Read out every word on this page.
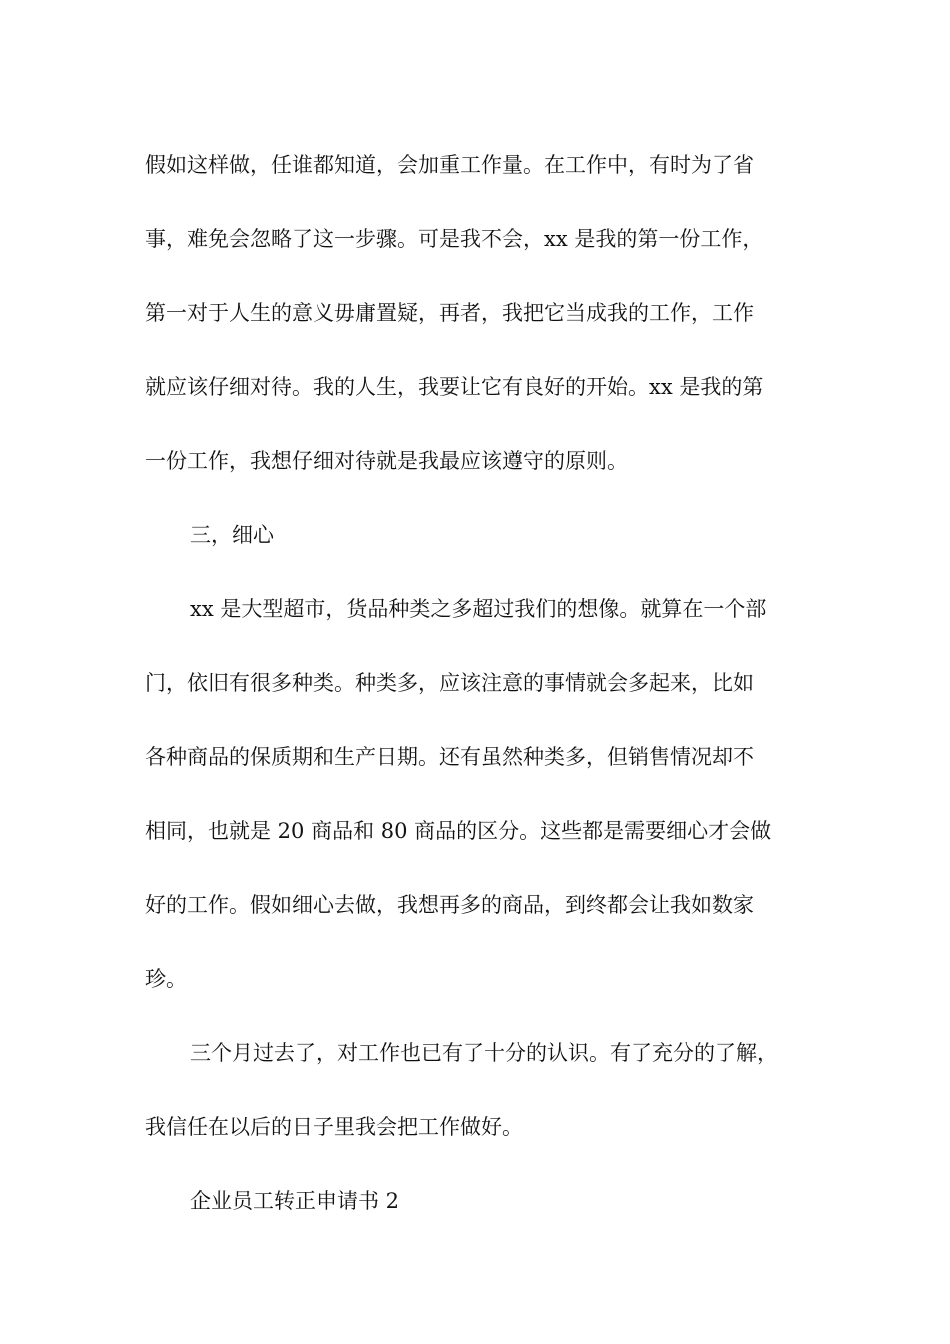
假如这样做，任谁都知道，会加重工作量。在工作中，有时为了省
事，难免会忽略了这一步骤。可是我不会，xx 是我的第一份工作，
第一对于人生的意义毋庸置疑，再者，我把它当成我的工作，工作
就应该仔细对待。我的人生，我要让它有良好的开始。xx 是我的第
一份工作，我想仔细对待就是我最应该遵守的原则。

三，细心

xx 是大型超市，货品种类之多超过我们的想像。就算在一个部
门，依旧有很多种类。种类多，应该注意的事情就会多起来，比如
各种商品的保质期和生产日期。还有虽然种类多，但销售情况却不
相同，也就是 20 商品和 80 商品的区分。这些都是需要细心才会做
好的工作。假如细心去做，我想再多的商品，到终都会让我如数家
珍。

三个月过去了，对工作也已有了十分的认识。有了充分的了解，
我信任在以后的日子里我会把工作做好。

企业员工转正申请书 2
